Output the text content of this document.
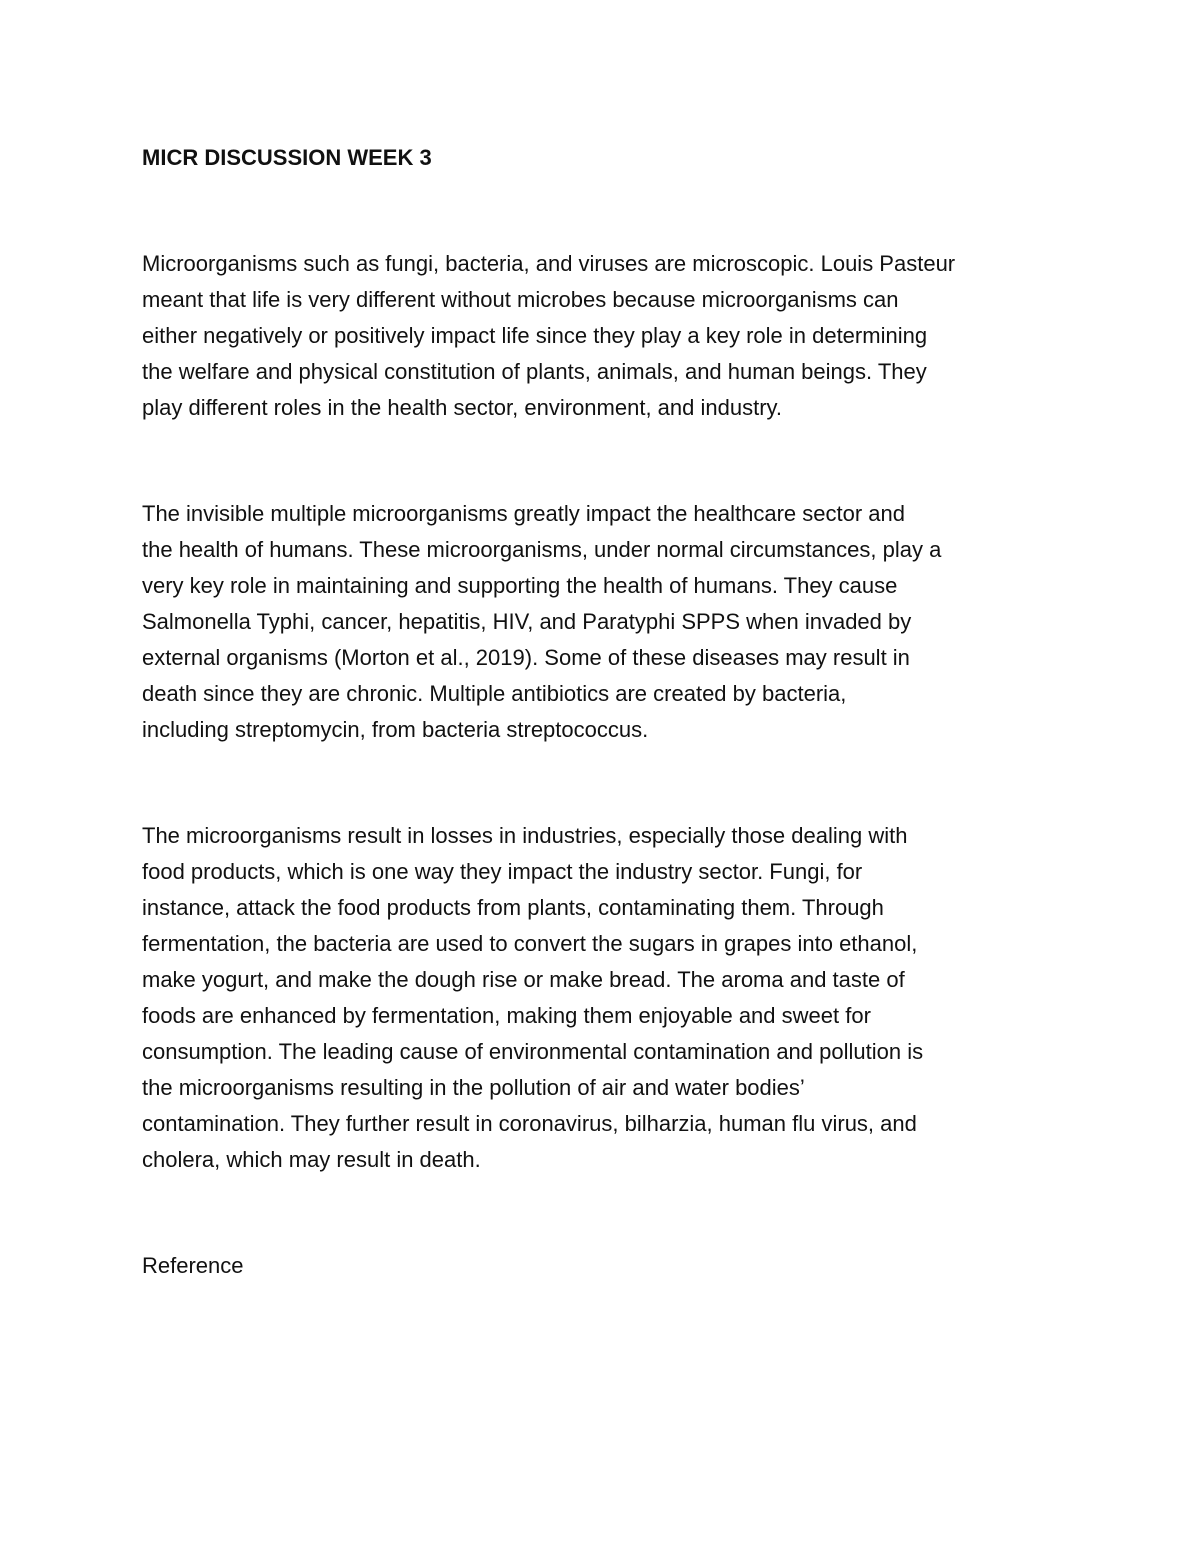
MICR DISCUSSION WEEK 3
Microorganisms such as fungi, bacteria, and viruses are microscopic. Louis Pasteur
meant that life is very different without microbes because microorganisms can
either negatively or positively impact life since they play a key role in determining
the welfare and physical constitution of plants, animals, and human beings. They
play different roles in the health sector, environment, and industry.
The invisible multiple microorganisms greatly impact the healthcare sector and
the health of humans. These microorganisms, under normal circumstances, play a
very key role in maintaining and supporting the health of humans. They cause
Salmonella Typhi, cancer, hepatitis, HIV, and Paratyphi SPPS when invaded by
external organisms (Morton et al., 2019). Some of these diseases may result in
death since they are chronic. Multiple antibiotics are created by bacteria,
including streptomycin, from bacteria streptococcus.
The microorganisms result in losses in industries, especially those dealing with
food products, which is one way they impact the industry sector. Fungi, for
instance, attack the food products from plants, contaminating them. Through
fermentation, the bacteria are used to convert the sugars in grapes into ethanol,
make yogurt, and make the dough rise or make bread. The aroma and taste of
foods are enhanced by fermentation, making them enjoyable and sweet for
consumption. The leading cause of environmental contamination and pollution is
the microorganisms resulting in the pollution of air and water bodies’
contamination. They further result in coronavirus, bilharzia, human flu virus, and
cholera, which may result in death.
Reference
